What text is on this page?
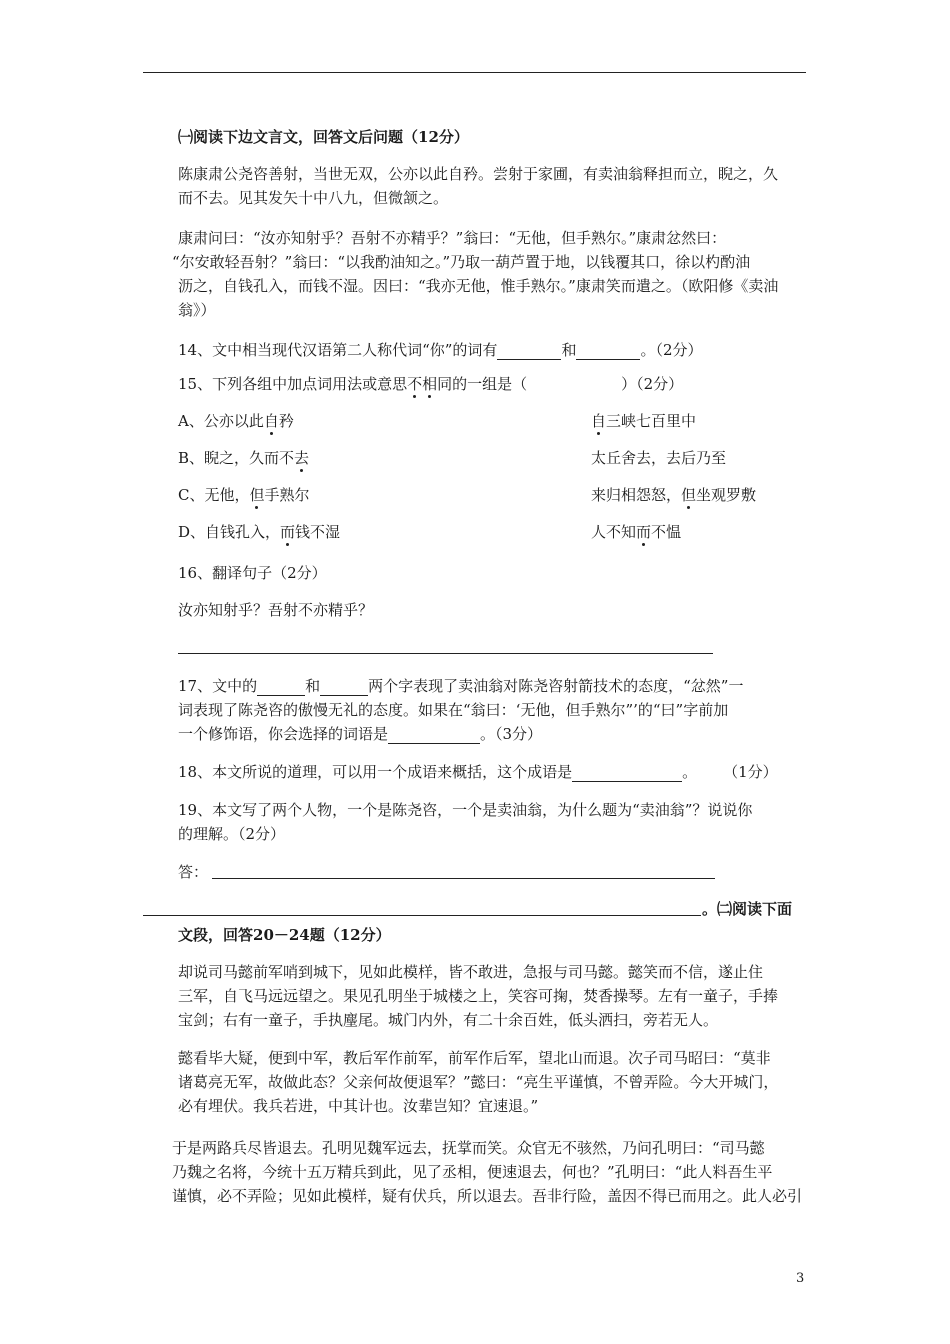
㈠阅读下边文言文，回答文后问题（12分）
陈康肃公尧咨善射，当世无双，公亦以此自矜。尝射于家圃，有卖油翁释担而立，睨之，久
而不去。见其发矢十中八九，但微颔之。
康肃问曰：“汝亦知射乎？吾射不亦精乎？”翁曰：“无他，但手熟尔。”康肃忿然曰：
“尔安敢轻吾射？”翁曰：“以我酌油知之。”乃取一葫芦置于地，以钱覆其口，徐以杓酌油
沥之，自钱孔入，而钱不湿。因曰：“我亦无他，惟手熟尔。”康肃笑而遣之。（欧阳修《卖油
翁》）
14、文中相当现代汉语第二人称代词“你”的词有	和	。（2分）
15、下列各组中加点词用法或意思不相同的一组是（	）（2分）
A、公亦以此自矜	自三峡七百里中
B、睨之，久而不去	太丘舍去，去后乃至
C、无他，但手熟尔	来归相怨怒，但坐观罗敷
D、自钱孔入，而钱不湿	人不知而不愠
16、翻译句子（2分）
汝亦知射乎？吾射不亦精乎？
17、文中的	和	两个字表现了卖油翁对陈尧咨射箭技术的态度，“忿然”一
词表现了陈尧咨的傲慢无礼的态度。如果在“翁曰：‘无他，但手熟尔”’的“曰”字前加
一个修饰语，你会选择的词语是	。（3分）
18、本文所说的道理，可以用一个成语来概括，这个成语是	。 （1分）
19、本文写了两个人物，一个是陈尧咨，一个是卖油翁，为什么题为“卖油翁”？说说你
的理解。（2分）
答：
。㈡阅读下面
文段，回答20－24题（12分）
却说司马懿前军哨到城下，见如此模样，皆不敢进，急报与司马懿。懿笑而不信，遂止住
三军，自飞马远远望之。果见孔明坐于城楼之上，笑容可掬，焚香操琴。左有一童子，手捧
宝剑；右有一童子，手执麈尾。城门内外，有二十余百姓，低头洒扫，旁若无人。
懿看毕大疑，便到中军，教后军作前军，前军作后军，望北山而退。次子司马昭曰：“莫非
诸葛亮无军，故做此态？父亲何故便退军？”懿曰：“亮生平谨慎，不曾弄险。今大开城门，
必有埋伏。我兵若进，中其计也。汝辈岂知？宜速退。”
于是两路兵尽皆退去。孔明见魏军远去，抚掌而笑。众官无不骇然，乃问孔明曰：“司马懿
乃魏之名将，今统十五万精兵到此，见了丞相，便速退去，何也？”孔明曰：“此人料吾生平
谨慎，必不弄险；见如此模样，疑有伏兵，所以退去。吾非行险，盖因不得已而用之。此人必引
3
